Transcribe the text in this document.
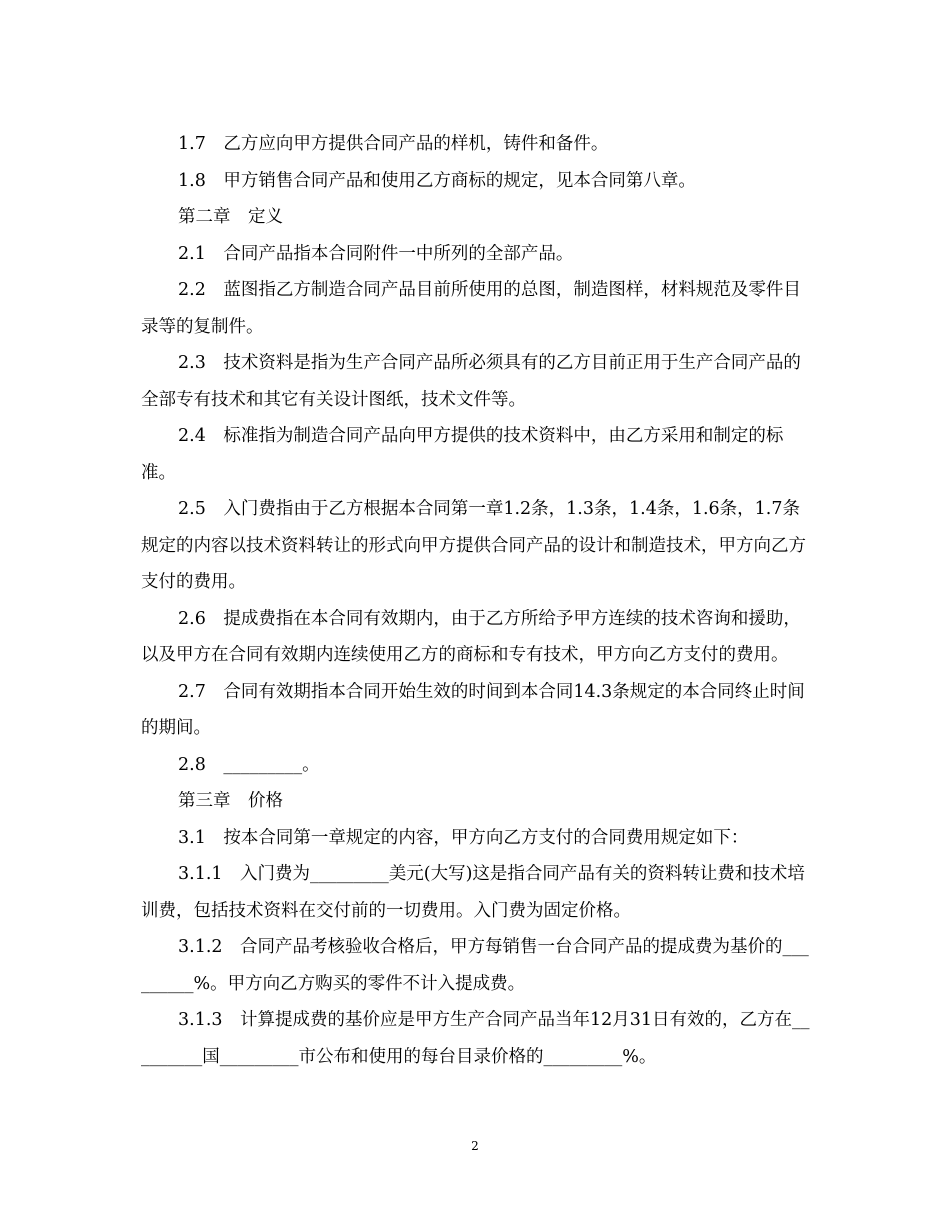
1.7　乙方应向甲方提供合同产品的样机，铸件和备件。

1.8　甲方销售合同产品和使用乙方商标的规定，见本合同第八章。

第二章　定义

2.1　合同产品指本合同附件一中所列的全部产品。

2.2　蓝图指乙方制造合同产品目前所使用的总图，制造图样，材料规范及零件目录等的复制件。

2.3　技术资料是指为生产合同产品所必须具有的乙方目前正用于生产合同产品的全部专有技术和其它有关设计图纸，技术文件等。

2.4　标准指为制造合同产品向甲方提供的技术资料中，由乙方采用和制定的标准。

2.5　入门费指由于乙方根据本合同第一章1.2条，1.3条，1.4条，1.6条，1.7条规定的内容以技术资料转让的形式向甲方提供合同产品的设计和制造技术，甲方向乙方支付的费用。

2.6　提成费指在本合同有效期内，由于乙方所给予甲方连续的技术咨询和援助，以及甲方在合同有效期内连续使用乙方的商标和专有技术，甲方向乙方支付的费用。

2.7　合同有效期指本合同开始生效的时间到本合同14.3条规定的本合同终止时间的期间。

2.8　_________。

第三章　价格

3.1　按本合同第一章规定的内容，甲方向乙方支付的合同费用规定如下：

3.1.1　入门费为_________美元(大写)这是指合同产品有关的资料转让费和技术培训费，包括技术资料在交付前的一切费用。入门费为固定价格。

3.1.2　合同产品考核验收合格后，甲方每销售一台合同产品的提成费为基价的_________%。甲方向乙方购买的零件不计入提成费。

3.1.3　计算提成费的基价应是甲方生产合同产品当年12月31日有效的，乙方在_________国_________市公布和使用的每台目录价格的_________%。

2
